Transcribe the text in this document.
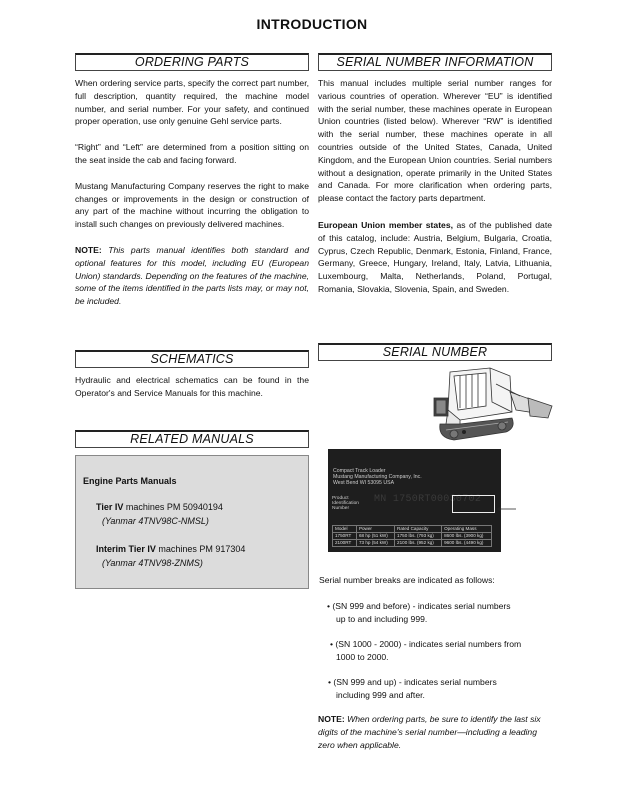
INTRODUCTION
ORDERING PARTS

When ordering service parts, specify the correct part number, full description, quantity required, the machine model number, and serial number. For your safety, and continued proper operation, use only genuine Gehl service parts.

“Right” and “Left” are determined from a position sitting on the seat inside the cab and facing forward.

Mustang Manufacturing Company reserves the right to make changes or improvements in the design or construction of any part of the machine without incurring the obligation to install such changes on previously delivered machines.

NOTE: This parts manual identifies both standard and optional features for this model, including EU (European Union) standards. Depending on the features of the machine, some of the items identified in the parts lists may, or may not, be included.

SCHEMATICS

Hydraulic and electrical schematics can be found in the Operator's and Service Manuals for this machine.

RELATED MANUALS
Engine Parts Manuals
Tier IV machines PM 50940194
(Yanmar 4TNV98C-NMSL)
Interim Tier IV machines PM 917304
(Yanmar 4TNV98-ZNMS)
SERIAL NUMBER INFORMATION

This manual includes multiple serial number ranges for various countries of operation. Wherever “EU” is identified with the serial number, these machines operate in European Union countries (listed below). Wherever “RW” is identified with the serial number, these machines operate in all countries outside of the United States, Canada, United Kingdom, and the European Union countries. Serial numbers without a designation, operate primarily in the United States and Canada. For more clarification when ordering parts, please contact the factory parts department.

European Union member states, as of the published date of this catalog, include: Austria, Belgium, Bulgaria, Croatia, Cyprus, Czech Republic, Denmark, Estonia, Finland, France, Germany, Greece, Hungary, Ireland, Italy, Latvia, Lithuania, Luxembourg, Malta, Netherlands, Poland, Portugal, Romania, Slovakia, Slovenia, Spain, and Sweden.

SERIAL NUMBER
Compact Track Loader
Mustang Manufacturing Company, Inc.
West Bend WI 53095 USA
Product
Identification
Number
MN 1750RT00030702
Model	Power	Rated Capacity	Operating Mass
1750RT	68 hp (51 kW)	1750 lbs. (793 kg)	8600 lbs. (3900 kg)
2100RT	73 hp (54 kW)	2100 lbs. (952 kg)	9600 lbs. (4490 kg)
Serial number breaks are indicated as follows:
• (SN 999 and before) - indicates serial numbers
up to and including 999.
• (SN 1000 - 2000) - indicates serial numbers from
1000 to 2000.
• (SN 999 and up) - indicates serial numbers
including 999 and after.

NOTE: When ordering parts, be sure to identify the last six digits of the machine's serial number—including a leading zero when applicable.
